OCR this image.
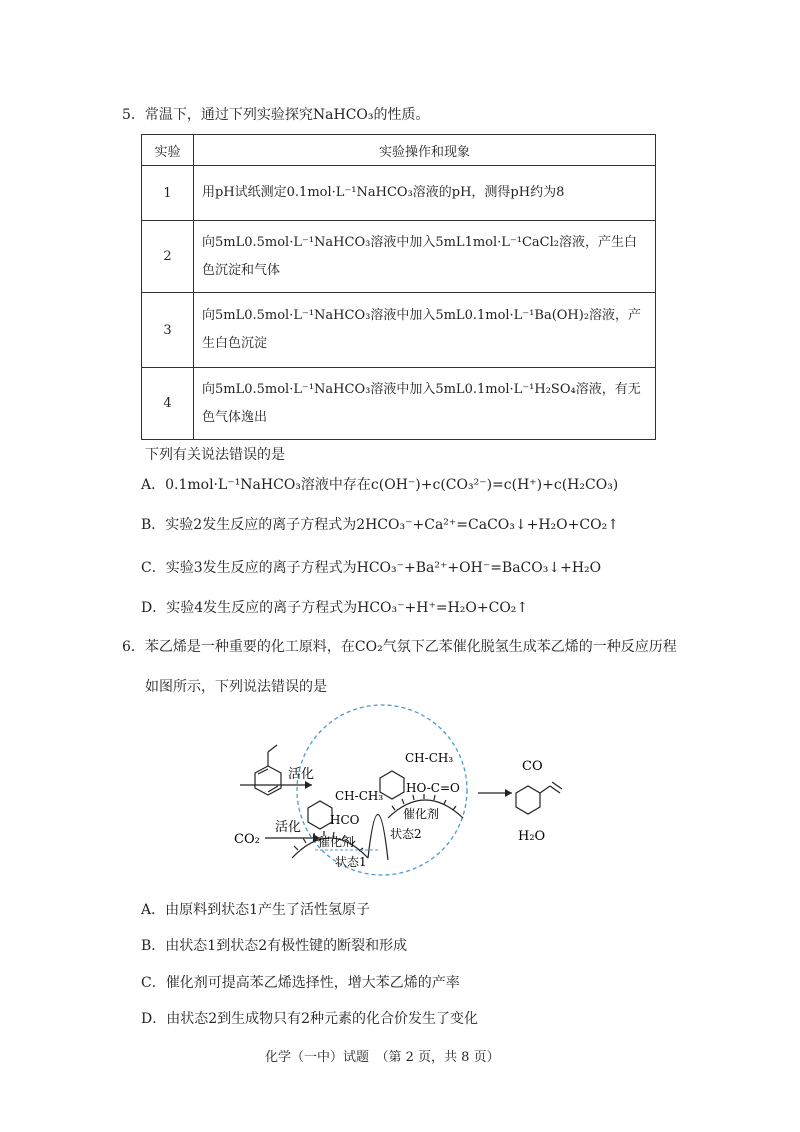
5．常温下，通过下列实验探究NaHCO₃的性质。
实验	实验操作和现象
1	用pH试纸测定0.1mol·L⁻¹NaHCO₃溶液的pH，测得pH约为8
2	向5mL0.5mol·L⁻¹NaHCO₃溶液中加入5mL1mol·L⁻¹CaCl₂溶液，产生白色沉淀和气体
3	向5mL0.5mol·L⁻¹NaHCO₃溶液中加入5mL0.1mol·L⁻¹Ba(OH)₂溶液，产生白色沉淀
4	向5mL0.5mol·L⁻¹NaHCO₃溶液中加入5mL0.1mol·L⁻¹H₂SO₄溶液，有无色气体逸出
下列有关说法错误的是
A．0.1mol·L⁻¹NaHCO₃溶液中存在c(OH⁻)+c(CO₃²⁻)=c(H⁺)+c(H₂CO₃)
B．实验2发生反应的离子方程式为2HCO₃⁻+Ca²⁺=CaCO₃↓+H₂O+CO₂↑
C．实验3发生反应的离子方程式为HCO₃⁻+Ba²⁺+OH⁻=BaCO₃↓+H₂O
D．实验4发生反应的离子方程式为HCO₃⁻+H⁺=H₂O+CO₂↑
6．苯乙烯是一种重要的化工原料，在CO₂气氛下乙苯催化脱氢生成苯乙烯的一种反应历程
如图所示，下列说法错误的是
活化
CO₂
活化
CH-CH₃
HCO
催化剂
状态1
CH-CH₃
HO-C=O
催化剂
状态2
CO
H₂O
A．由原料到状态1产生了活性氢原子
B．由状态1到状态2有极性键的断裂和形成
C．催化剂可提高苯乙烯选择性，增大苯乙烯的产率
D．由状态2到生成物只有2种元素的化合价发生了变化
化学（一中）试题　（第 2 页，共 8 页）
